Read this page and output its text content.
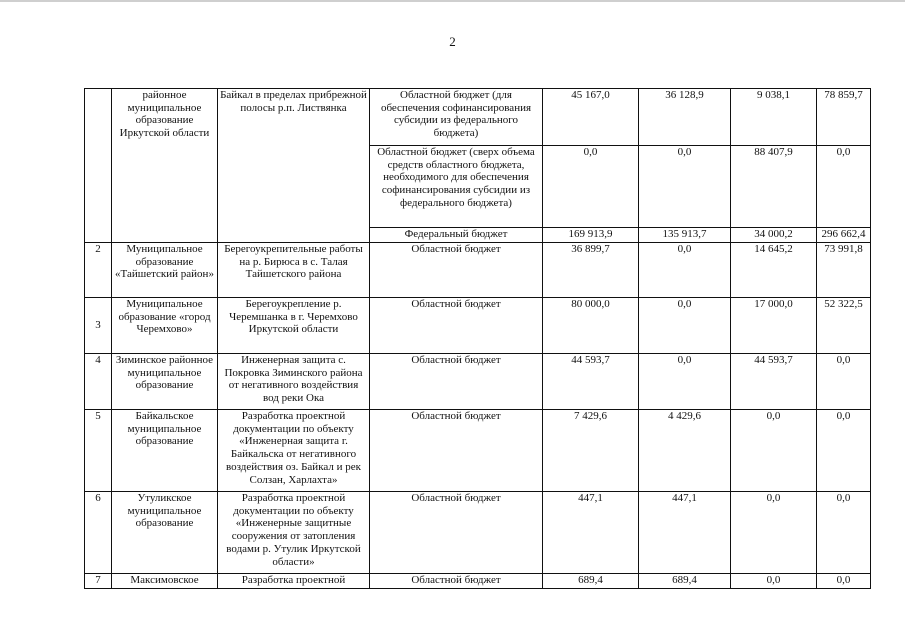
2
	районное муниципальное образование Иркутской области	Байкал в пределах прибрежной полосы р.п. Листвянка	Областной бюджет (для обеспечения софинансирования субсидии из федерального бюджета)	45 167,0	36 128,9	9 038,1	78 859,7
			Областной бюджет (сверх объема средств областного бюджета, необходимого для обеспечения софинансирования субсидии из федерального бюджета)	0,0	0,0	88 407,9	0,0
			Федеральный бюджет	169 913,9	135 913,7	34 000,2	296 662,4
2	Муниципальное образование «Тайшетский район»	Берегоукрепительные работы на р. Бирюса в с. Талая Тайшетского района	Областной бюджет	36 899,7	0,0	14 645,2	73 991,8
3	Муниципальное образование «город Черемхово»	Берегоукрепление р. Черемшанка в г. Черемхово Иркутской области	Областной бюджет	80 000,0	0,0	17 000,0	52 322,5
4	Зиминское районное муниципальное образование	Инженерная защита с. Покровка Зиминского района от негативного воздействия вод реки Ока	Областной бюджет	44 593,7	0,0	44 593,7	0,0
5	Байкальское муниципальное образование	Разработка проектной документации по объекту «Инженерная защита г. Байкальска от негативного воздействия оз. Байкал и рек Солзан, Харлахта»	Областной бюджет	7 429,6	4 429,6	0,0	0,0
6	Утуликское муниципальное образование	Разработка проектной документации по объекту «Инженерные защитные сооружения от затопления водами р. Утулик Иркутской области»	Областной бюджет	447,1	447,1	0,0	0,0
7	Максимовское	Разработка проектной	Областной бюджет	689,4	689,4	0,0	0,0
